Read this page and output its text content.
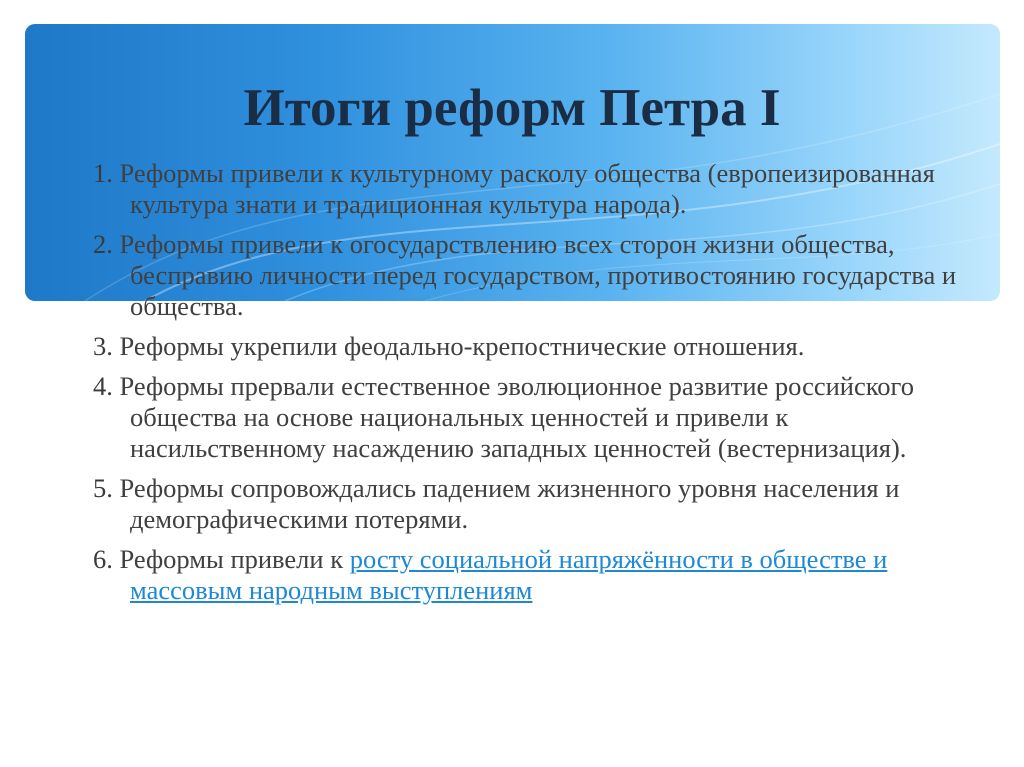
Итоги реформ Петра I
1. Реформы привели к культурному расколу общества (европеизированная культура знати и традиционная культура народа).
2. Реформы привели к огосударствлению всех сторон жизни общества, бесправию личности перед государством, противостоянию государства и общества.
3. Реформы укрепили феодально-крепостнические отношения.
4. Реформы прервали естественное эволюционное развитие российского общества на основе национальных ценностей и привели к насильственному насаждению западных ценностей (вестернизация).
5. Реформы сопровождались падением жизненного уровня населения и демографическими потерями.
6. Реформы привели к росту социальной напряжённости в обществе и массовым народным выступлениям
